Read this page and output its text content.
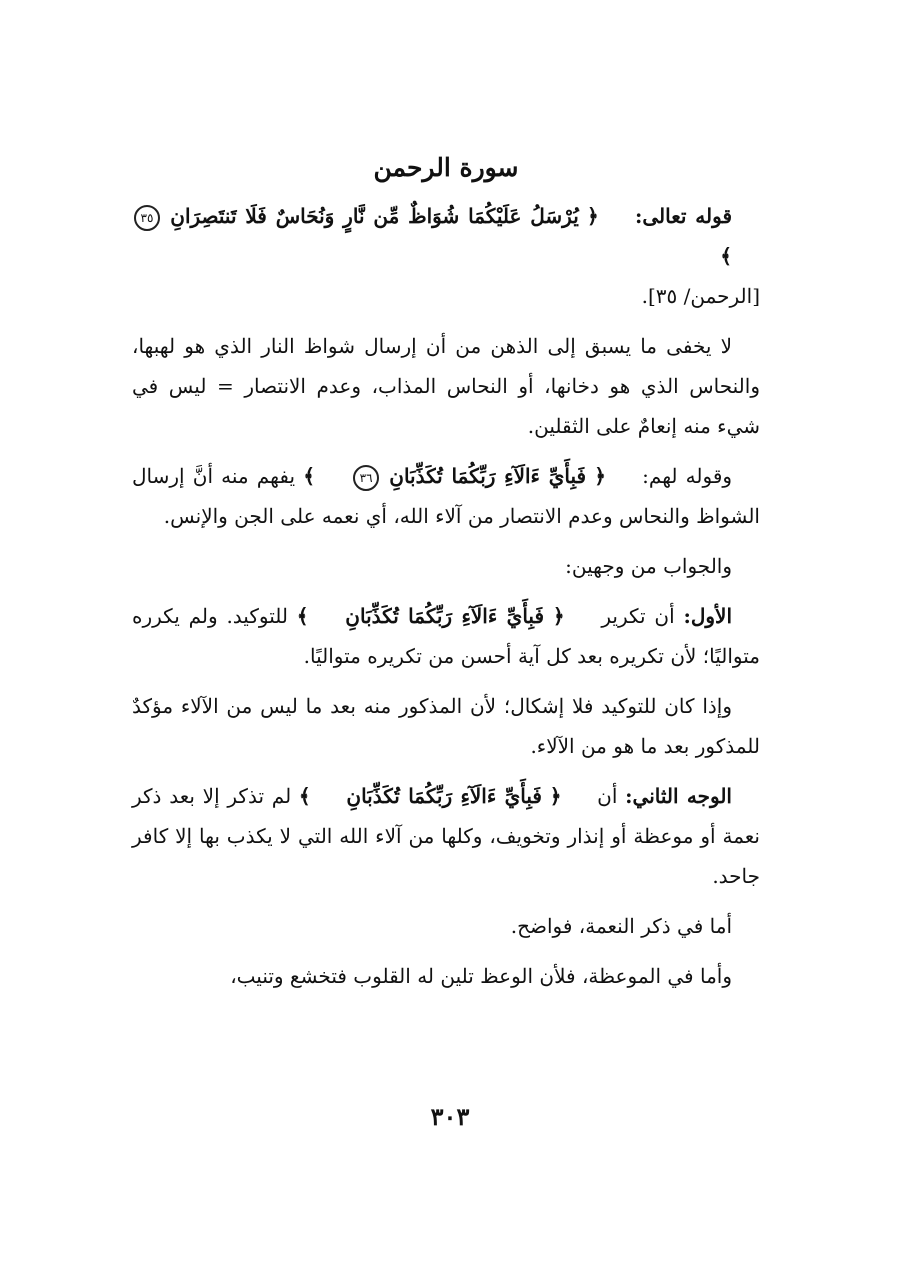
سورة الرحمن

قوله تعالى: ﴿ يُرْسَلُ عَلَيْكُمَا شُوَاظٌ مِّن نَّارٍ وَنُحَاسٌ فَلَا تَنتَصِرَانِ ٣٥ ﴾
[الرحمن/ ٣٥].

لا يخفى ما يسبق إلى الذهن من أن إرسال شواظ النار الذي هو لهبها، والنحاس الذي هو دخانها، أو النحاس المذاب، وعدم الانتصار = ليس في شيء منه إنعامٌ على الثقلين.

وقوله لهم: ﴿ فَبِأَيِّ ءَالَآءِ رَبِّكُمَا تُكَذِّبَانِ ٣٦ ﴾ يفهم منه أنَّ إرسال الشواظ والنحاس وعدم الانتصار من آلاء الله، أي نعمه على الجن والإنس.

والجواب من وجهين:

الأول: أن تكرير ﴿ فَبِأَيِّ ءَالَآءِ رَبِّكُمَا تُكَذِّبَانِ ﴾ للتوكيد. ولم يكرره متواليًا؛ لأن تكريره بعد كل آية أحسن من تكريره متواليًا.

وإذا كان للتوكيد فلا إشكال؛ لأن المذكور منه بعد ما ليس من الآلاء مؤكدٌ للمذكور بعد ما هو من الآلاء.

الوجه الثاني: أن ﴿ فَبِأَيِّ ءَالَآءِ رَبِّكُمَا تُكَذِّبَانِ ﴾ لم تذكر إلا بعد ذكر نعمة أو موعظة أو إنذار وتخويف، وكلها من آلاء الله التي لا يكذب بها إلا كافر جاحد.

أما في ذكر النعمة، فواضح.

وأما في الموعظة، فلأن الوعظ تلين له القلوب فتخشع وتنيب،

٣٠٣
